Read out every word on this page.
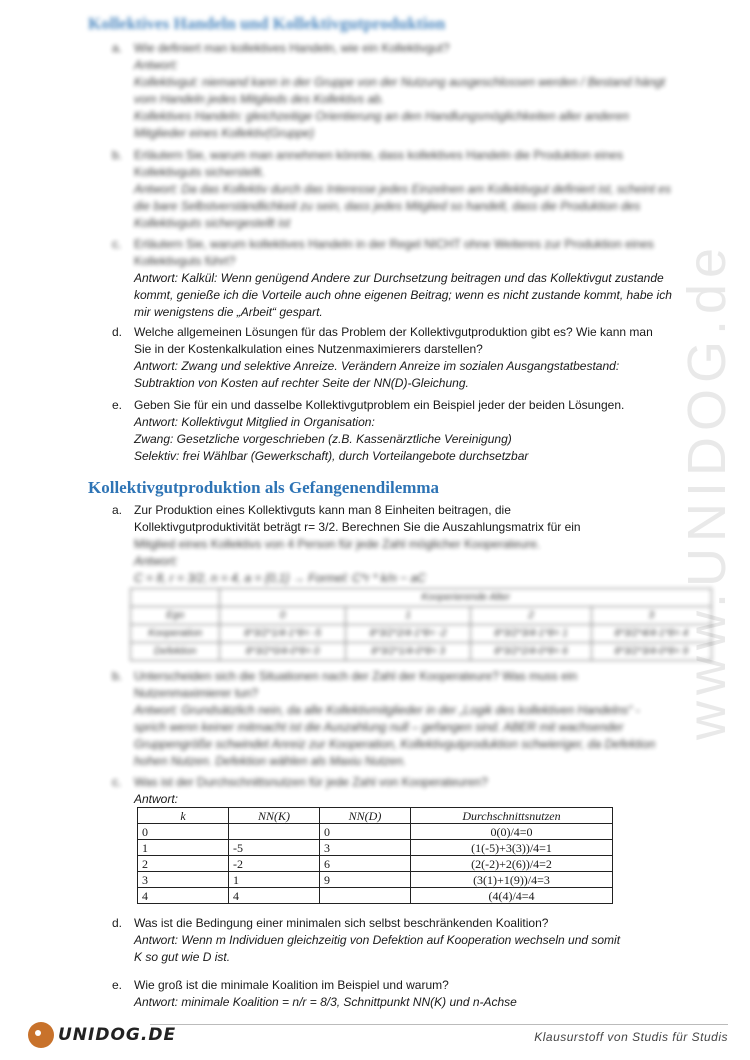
www.UNIDOG.de
Kollektives Handeln und Kollektivgutproduktion
a. Wie definiert man kollektives Handeln, wie ein Kollektivgut?
Antwort:
Kollektivgut: niemand kann in der Gruppe von der Nutzung ausgeschlossen werden / Bestand hängt vom Handeln jedes Mitglieds des Kollektivs ab.
Kollektives Handeln: gleichzeitige Orientierung an den Handlungsmöglichkeiten aller anderen Mitglieder eines Kollektiv(Gruppe)
b. Erläutern Sie, warum man annehmen könnte, dass kollektives Handeln die Produktion eines Kollektivguts sicherstellt.
Antwort: Da das Kollektiv durch das Interesse jedes Einzelnen am Kollektivgut definiert ist, scheint es die bare Selbstverständlichkeit zu sein, dass jedes Mitglied so handelt, dass die Produktion des Kollektivguts sichergestellt ist
c. Erläutern Sie, warum kollektives Handeln in der Regel NICHT ohne Weiteres zur Produktion eines Kollektivguts führt?
Antwort: Kalkül: Wenn genügend Andere zur Durchsetzung beitragen und das Kollektivgut zustande kommt, genieße ich die Vorteile auch ohne eigenen Beitrag; wenn es nicht zustande kommt, habe ich mir wenigstens die „Arbeit“ gespart.
d. Welche allgemeinen Lösungen für das Problem der Kollektivgutproduktion gibt es? Wie kann man Sie in der Kostenkalkulation eines Nutzenmaximierers darstellen?
Antwort: Zwang und selektive Anreize. Verändern Anreize im sozialen Ausgangstatbestand:
Subtraktion von Kosten auf rechter Seite der NN(D)-Gleichung.
e. Geben Sie für ein und dasselbe Kollektivgutproblem ein Beispiel jeder der beiden Lösungen.
Antwort: Kollektivgut Mitglied in Organisation:
Zwang: Gesetzliche vorgeschrieben (z.B. Kassenärztliche Vereinigung)
Selektiv: frei Wählbar (Gewerkschaft), durch Vorteilangebote durchsetzbar
Kollektivgutproduktion als Gefangenendilemma
a. Zur Produktion eines Kollektivguts kann man 8 Einheiten beitragen, die
Kollektivgutproduktivität beträgt r= 3/2. Berechnen Sie die Auszahlungsmatrix für ein
Mitglied eines Kollektivs von 4 Person für jede Zahl möglicher Kooperateure.
Antwort:
C = 8, r = 3/2, n = 4, a = {0,1} → Formel: C*r * k/n − aC
	Kooperierende Alter			
Ego	0	1	2	3
Kooperation	8*3/2*1/4-1*8= -5	8*3/2*2/4-1*8= -2	8*3/2*3/4-1*8= 1	8*3/2*4/4-1*8= 4
Defektion	8*3/2*0/4-0*8= 0	8*3/2*1/4-0*8= 3	8*3/2*2/4-0*8= 6	8*3/2*3/4-0*8= 9
b. Unterscheiden sich die Situationen nach der Zahl der Kooperateure? Was muss ein Nutzenmaximierer tun?
Antwort: Grundsätzlich nein, da alle Kollektivmitglieder in der „Logik des kollektiven Handelns“ - sprich wenn keiner mitmacht ist die Auszahlung null – gefangen sind. ABER mit wachsender Gruppengröße schwindet Anreiz zur Kooperation, Kollektivgutproduktion schwieriger, da Defektion hohen Nutzen. Defektion wählen als Maxiu Nutzen.
c. Was ist der Durchschnittsnutzen für jede Zahl von Kooperateuren?
Antwort:
k	NN(K)	NN(D)	Durchschnittsnutzen
0		0	0(0)/4=0
1	-5	3	(1(-5)+3(3))/4=1
2	-2	6	(2(-2)+2(6))/4=2
3	1	9	(3(1)+1(9))/4=3
4	4		(4(4)/4=4
d. Was ist die Bedingung einer minimalen sich selbst beschränkenden Koalition?
Antwort: Wenn m Individuen gleichzeitig von Defektion auf Kooperation wechseln und somit
K so gut wie D ist.
e. Wie groß ist die minimale Koalition im Beispiel und warum?
Antwort: minimale Koalition = n/r = 8/3, Schnittpunkt NN(K) und n-Achse
UNIDOG.DE	Klausurstoff von Studis für Studis
